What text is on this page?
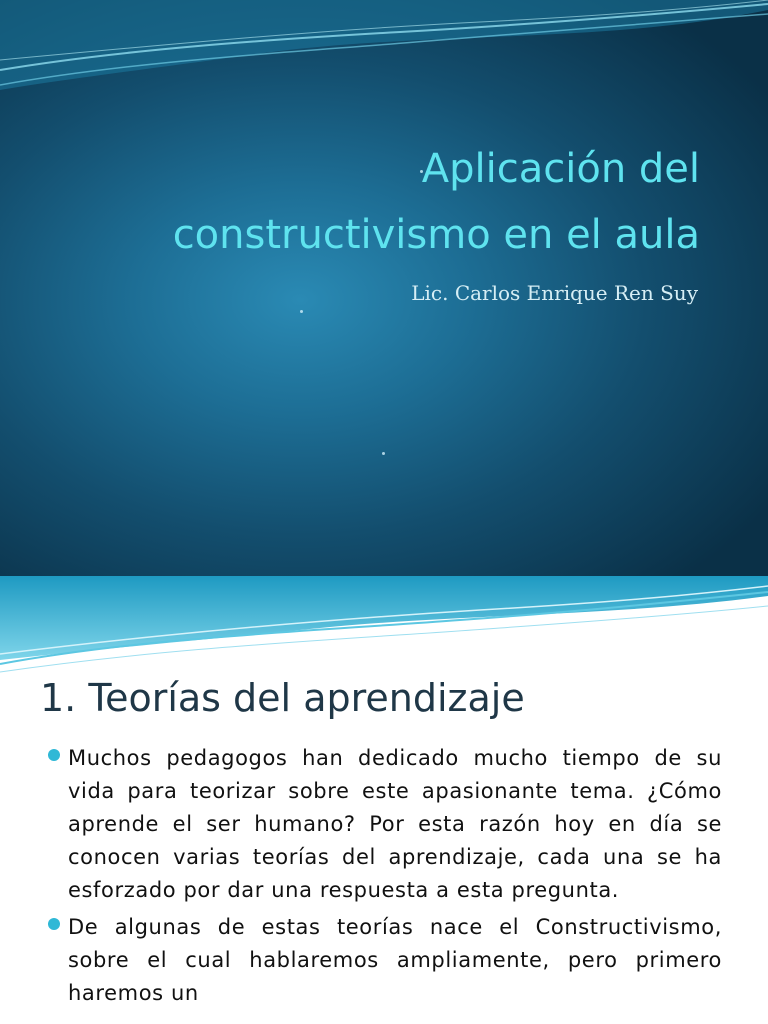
Aplicación del
constructivismo en el aula
Lic. Carlos Enrique Ren Suy
1. Teorías del aprendizaje
Muchos pedagogos han dedicado mucho tiempo de su vida para teorizar sobre este apasionante tema. ¿Cómo aprende el ser humano? Por esta razón hoy en día se conocen varias teorías del aprendizaje, cada una se ha esforzado por dar una respuesta a esta pregunta.
De algunas de estas teorías nace el Constructivismo, sobre el cual hablaremos ampliamente, pero primero haremos un
